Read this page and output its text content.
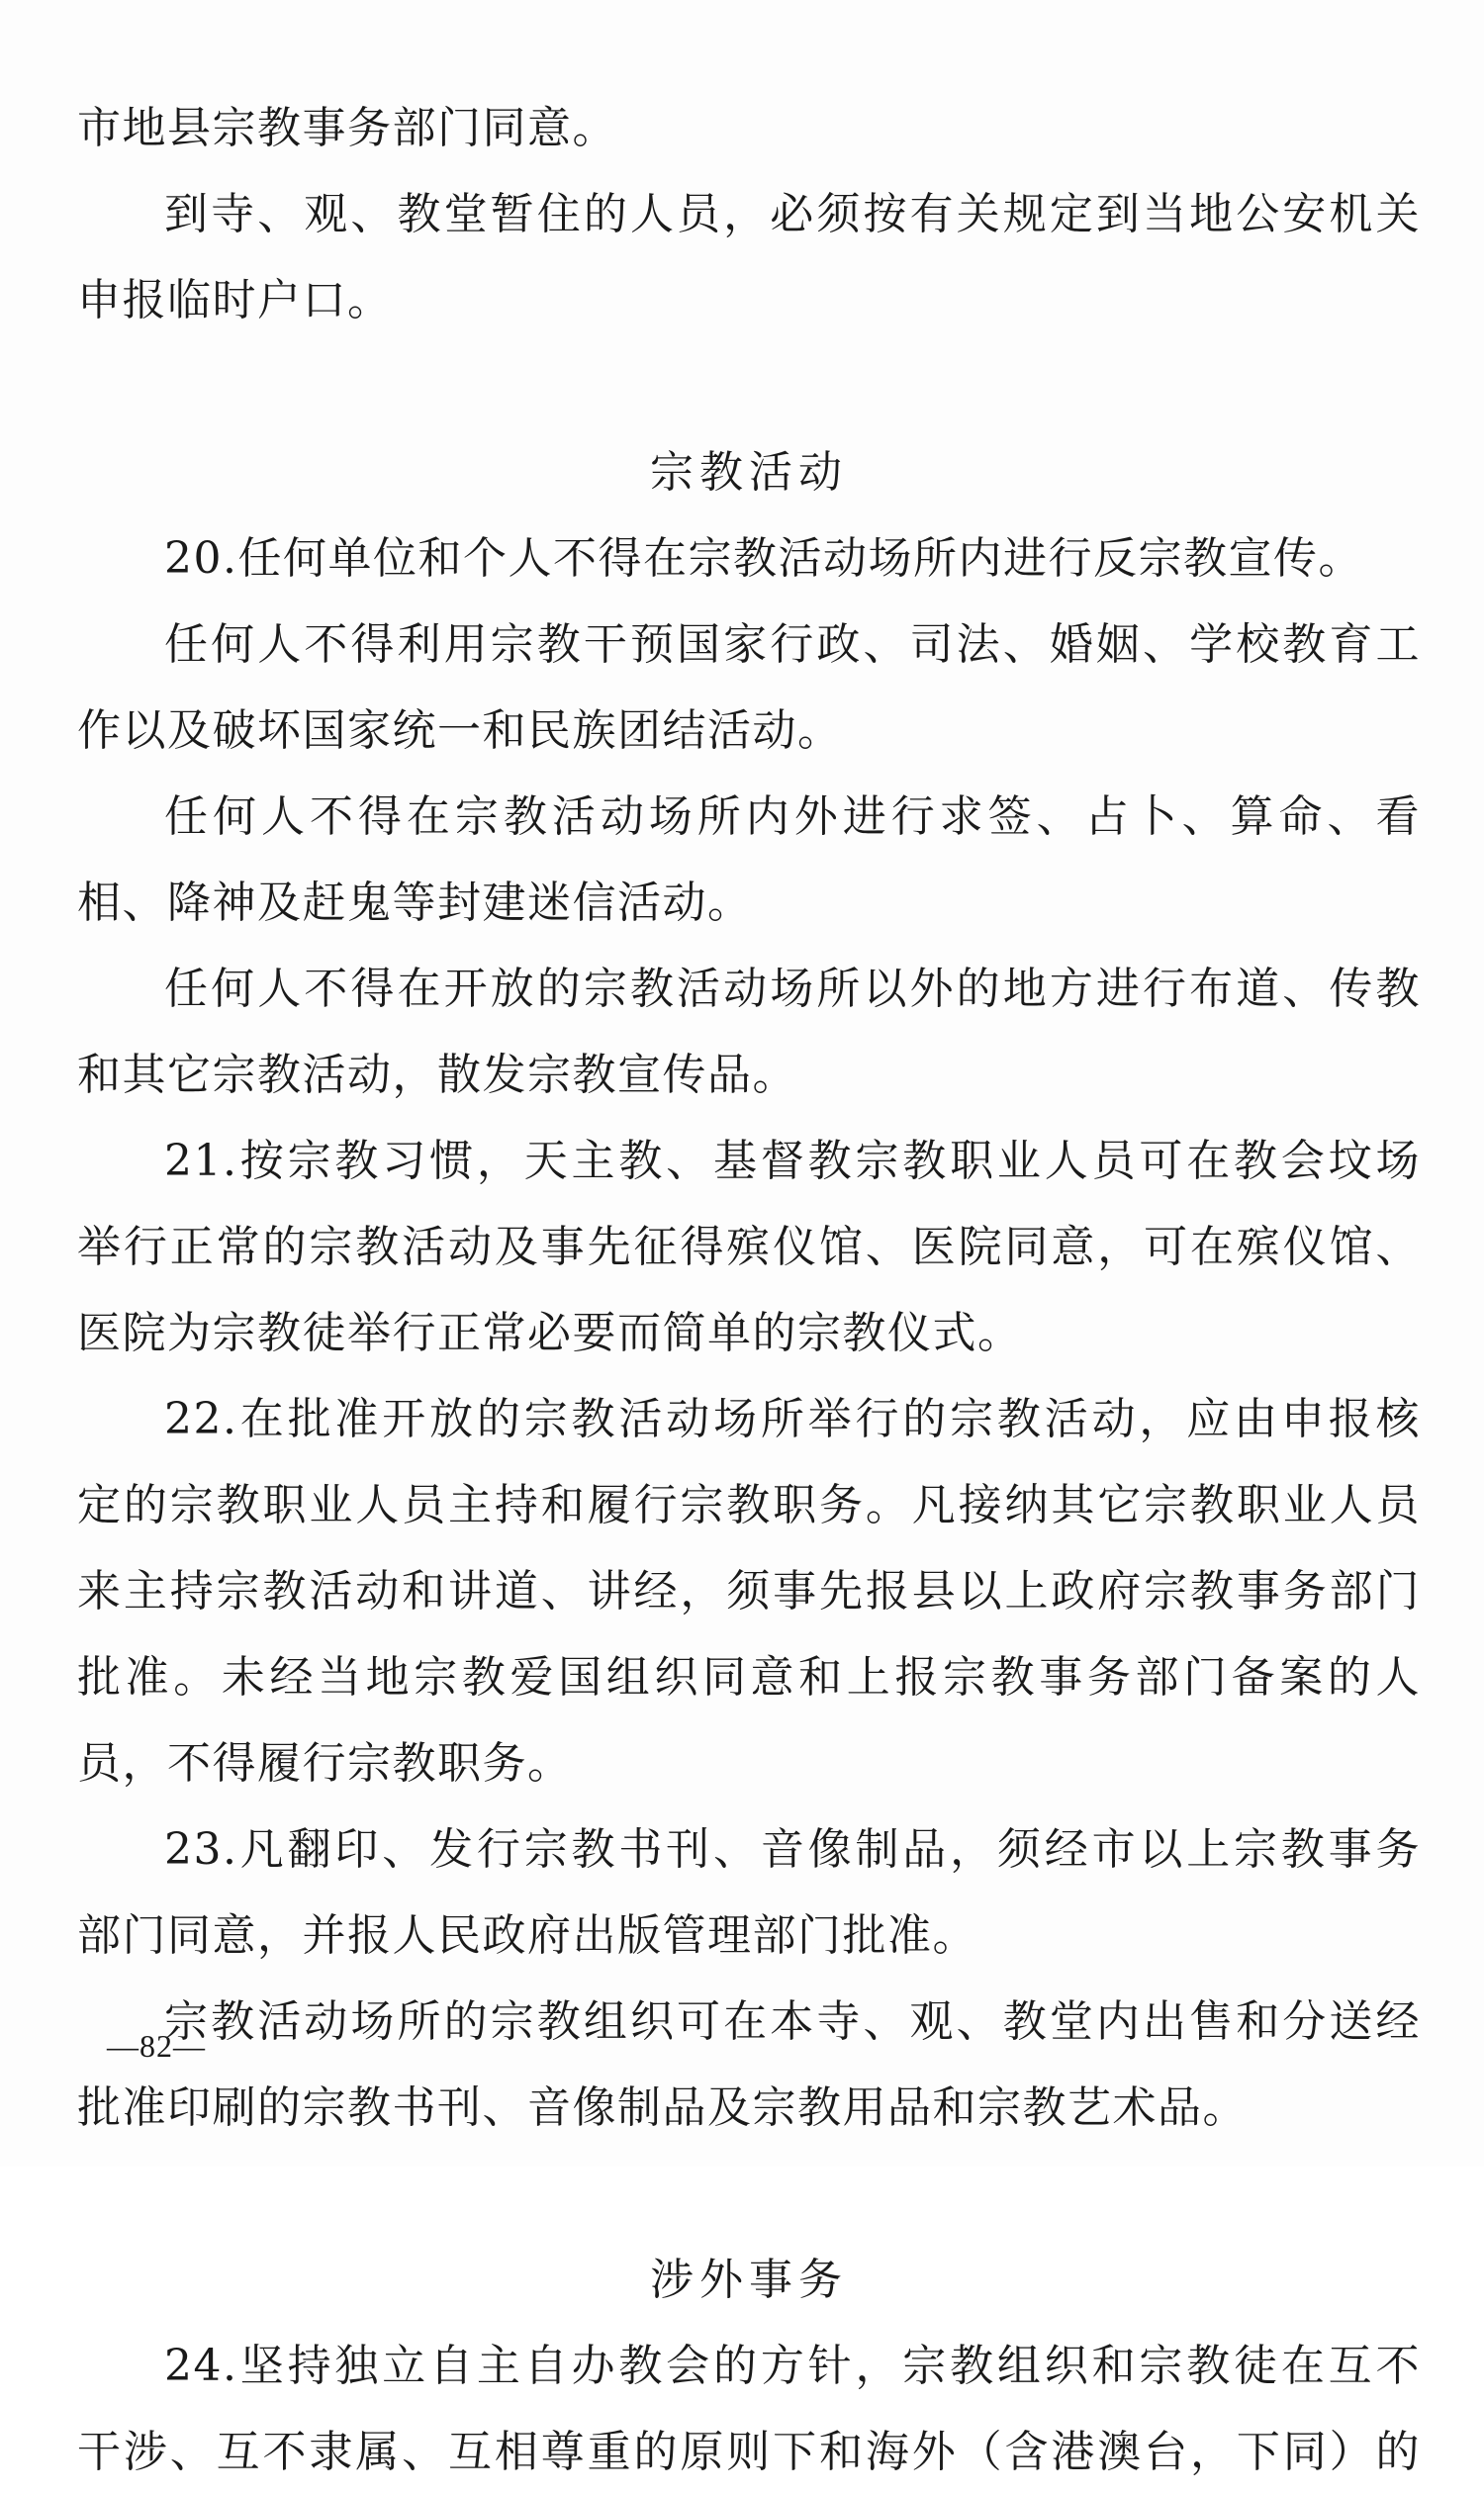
市地县宗教事务部门同意。
到寺、观、教堂暂住的人员，必须按有关规定到当地公安机关
申报临时户口。
宗教活动
20.任何单位和个人不得在宗教活动场所内进行反宗教宣传。
任何人不得利用宗教干预国家行政、司法、婚姻、学校教育工
作以及破坏国家统一和民族团结活动。
任何人不得在宗教活动场所内外进行求签、占卜、算命、看
相、降神及赶鬼等封建迷信活动。
任何人不得在开放的宗教活动场所以外的地方进行布道、传教
和其它宗教活动，散发宗教宣传品。
21.按宗教习惯，天主教、基督教宗教职业人员可在教会坟场
举行正常的宗教活动及事先征得殡仪馆、医院同意，可在殡仪馆、
医院为宗教徒举行正常必要而简单的宗教仪式。
22.在批准开放的宗教活动场所举行的宗教活动，应由申报核
定的宗教职业人员主持和履行宗教职务。凡接纳其它宗教职业人员
来主持宗教活动和讲道、讲经，须事先报县以上政府宗教事务部门
批准。未经当地宗教爱国组织同意和上报宗教事务部门备案的人
员，不得履行宗教职务。
23.凡翻印、发行宗教书刊、音像制品，须经市以上宗教事务
部门同意，并报人民政府出版管理部门批准。
宗教活动场所的宗教组织可在本寺、观、教堂内出售和分送经
批准印刷的宗教书刊、音像制品及宗教用品和宗教艺术品。
涉外事务
24.坚持独立自主自办教会的方针，宗教组织和宗教徒在互不
干涉、互不隶属、互相尊重的原则下和海外（含港澳台，下同）的
—82—
